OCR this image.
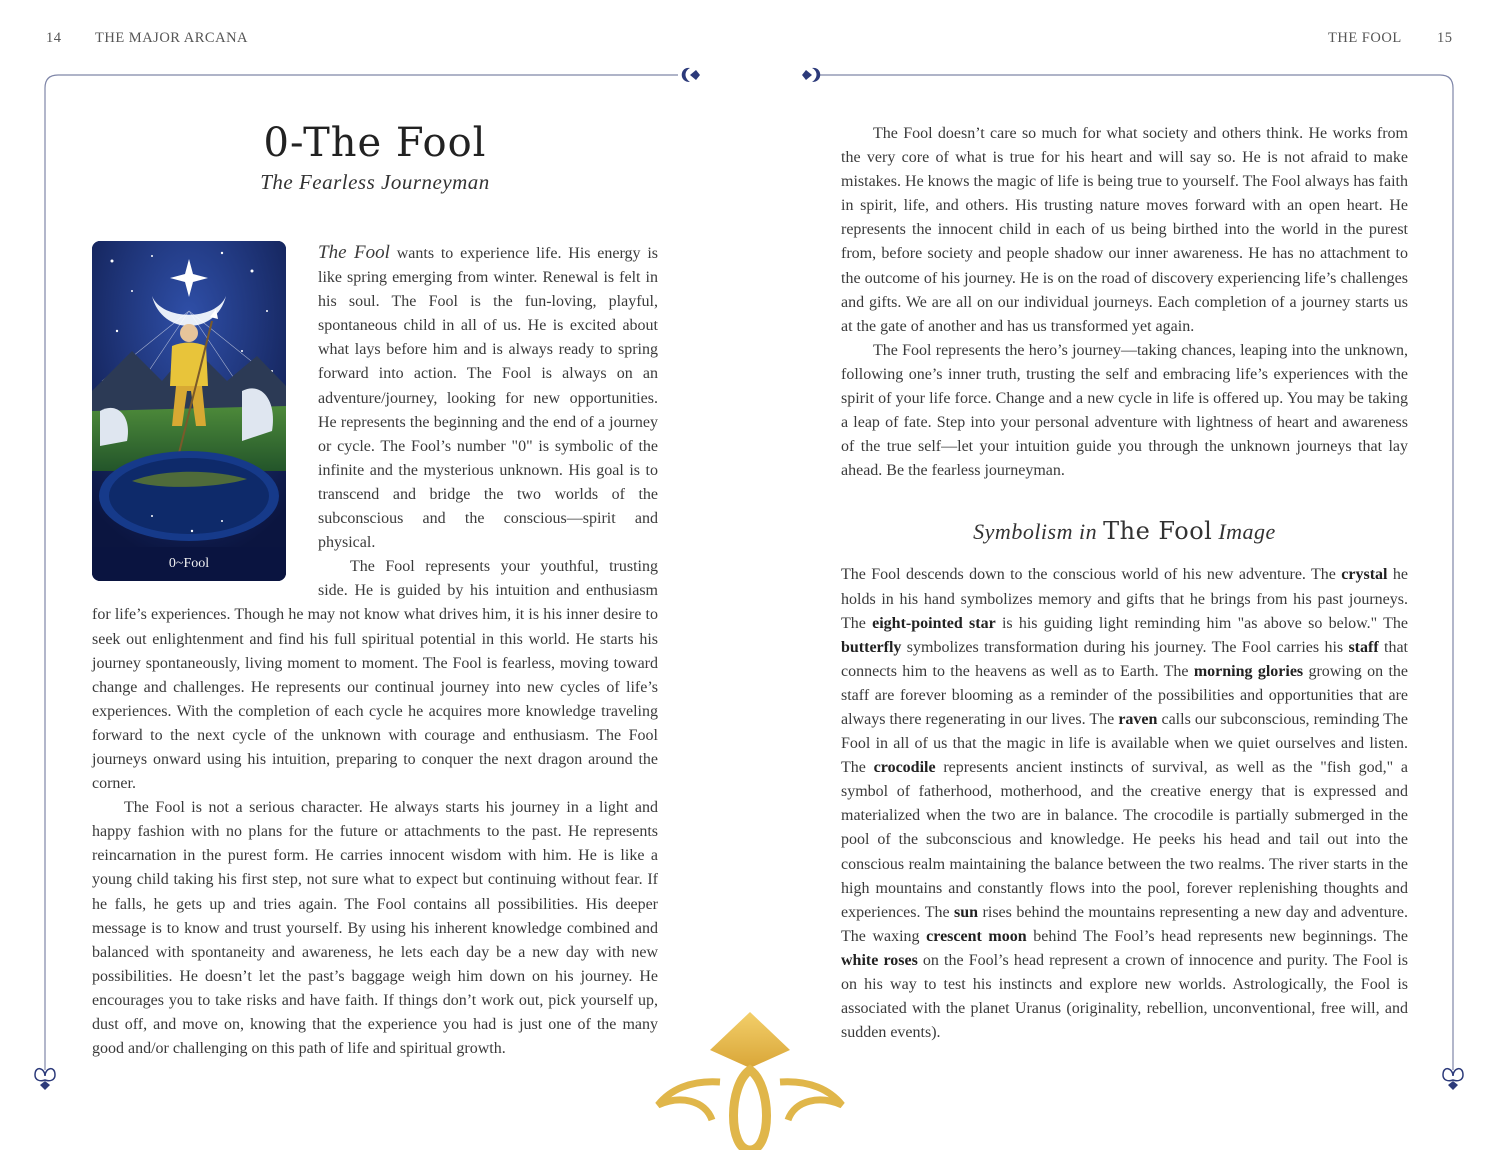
14 THE MAJOR ARCANA	THE FOOL 15
0-The Fool
The Fearless Journeyman
0~Fool

The Fool wants to experience life. His energy is like spring emerging from winter. Renewal is felt in his soul. The Fool is the fun-loving, playful, spontaneous child in all of us. He is excited about what lays before him and is always ready to spring forward into action. The Fool is always on an adventure/journey, looking for new opportunities. He represents the beginning and the end of a journey or cycle. The Fool’s number "0" is symbolic of the infinite and the mysterious unknown. His goal is to transcend and bridge the two worlds of the subconscious and the conscious—spirit and physical.

The Fool represents your youthful, trusting side. He is guided by his intuition and enthusiasm for life’s experiences. Though he may not know what drives him, it is his inner desire to seek out enlightenment and find his full spiritual potential in this world. He starts his journey spontaneously, living moment to moment. The Fool is fearless, moving toward change and challenges. He represents our continual journey into new cycles of life’s experiences. With the completion of each cycle he acquires more knowledge traveling forward to the next cycle of the unknown with courage and enthusiasm. The Fool journeys onward using his intuition, preparing to conquer the next dragon around the corner.

The Fool is not a serious character. He always starts his journey in a light and happy fashion with no plans for the future or attachments to the past. He represents reincarnation in the purest form. He carries innocent wisdom with him. He is like a young child taking his first step, not sure what to expect but continuing without fear. If he falls, he gets up and tries again. The Fool contains all possibilities. His deeper message is to know and trust yourself. By using his inherent knowledge combined and balanced with spontaneity and awareness, he lets each day be a new day with new possibilities. He doesn’t let the past’s baggage weigh him down on his journey. He encourages you to take risks and have faith. If things don’t work out, pick yourself up, dust off, and move on, knowing that the experience you had is just one of the many good and/or challenging on this path of life and spiritual growth.

The Fool doesn’t care so much for what society and others think. He works from the very core of what is true for his heart and will say so. He is not afraid to make mistakes. He knows the magic of life is being true to yourself. The Fool always has faith in spirit, life, and others. His trusting nature moves forward with an open heart. He represents the innocent child in each of us being birthed into the world in the purest from, before society and people shadow our inner awareness. He has no attachment to the outcome of his journey. He is on the road of discovery experiencing life’s challenges and gifts. We are all on our individual journeys. Each completion of a journey starts us at the gate of another and has us transformed yet again.

The Fool represents the hero’s journey—taking chances, leaping into the unknown, following one’s inner truth, trusting the self and embracing life’s experiences with the spirit of your life force. Change and a new cycle in life is offered up. You may be taking a leap of fate. Step into your personal adventure with lightness of heart and awareness of the true self—let your intuition guide you through the unknown journeys that lay ahead. Be the fearless journeyman.

Symbolism in The Fool Image

The Fool descends down to the conscious world of his new adventure. The crystal he holds in his hand symbolizes memory and gifts that he brings from his past journeys. The eight-pointed star is his guiding light reminding him "as above so below." The butterfly symbolizes transformation during his journey. The Fool carries his staff that connects him to the heavens as well as to Earth. The morning glories growing on the staff are forever blooming as a reminder of the possibilities and opportunities that are always there regenerating in our lives. The raven calls our subconscious, reminding The Fool in all of us that the magic in life is available when we quiet ourselves and listen. The crocodile represents ancient instincts of survival, as well as the "fish god," a symbol of fatherhood, motherhood, and the creative energy that is expressed and materialized when the two are in balance. The crocodile is partially submerged in the pool of the subconscious and knowledge. He peeks his head and tail out into the conscious realm maintaining the balance between the two realms. The river starts in the high mountains and constantly flows into the pool, forever replenishing thoughts and experiences. The sun rises behind the mountains representing a new day and adventure. The waxing crescent moon behind The Fool’s head represents new beginnings. The white roses on the Fool’s head represent a crown of innocence and purity. The Fool is on his way to test his instincts and explore new worlds. Astrologically, the Fool is associated with the planet Uranus (originality, rebellion, unconventional, free will, and sudden events).
